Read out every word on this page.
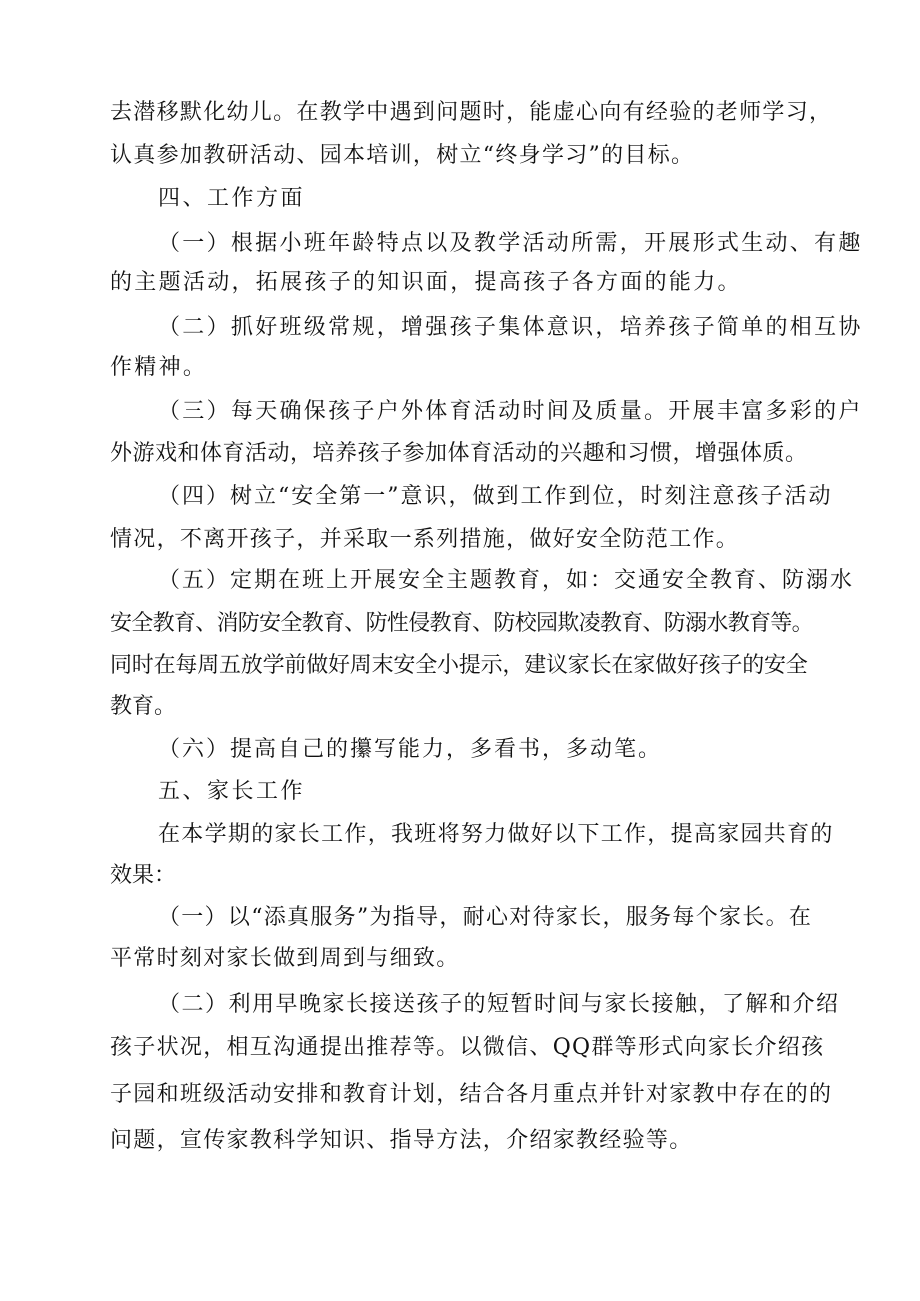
去潜移默化幼儿。在教学中遇到问题时，能虚心向有经验的老师学习，

认真参加教研活动、园本培训，树立“终身学习”的目标。

四、工作方面

（一）根据小班年龄特点以及教学活动所需，开展形式生动、有趣

的主题活动，拓展孩子的知识面，提高孩子各方面的能力。

（二）抓好班级常规，增强孩子集体意识，培养孩子简单的相互协

作精神。

（三）每天确保孩子户外体育活动时间及质量。开展丰富多彩的户

外游戏和体育活动，培养孩子参加体育活动的兴趣和习惯，增强体质。

（四）树立“安全第一”意识，做到工作到位，时刻注意孩子活动

情况，不离开孩子，并采取一系列措施，做好安全防范工作。

（五）定期在班上开展安全主题教育，如：交通安全教育、防溺水

安全教育、消防安全教育、防性侵教育、防校园欺凌教育、防溺水教育等。

同时在每周五放学前做好周末安全小提示，建议家长在家做好孩子的安全

教育。

（六）提高自己的攥写能力，多看书，多动笔。

五、家长工作

在本学期的家长工作，我班将努力做好以下工作，提高家园共育的

效果：

（一）以“添真服务”为指导，耐心对待家长，服务每个家长。在

平常时刻对家长做到周到与细致。

（二）利用早晚家长接送孩子的短暂时间与家长接触，了解和介绍

孩子状况，相互沟通提出推荐等。以微信、QQ群等形式向家长介绍孩

子园和班级活动安排和教育计划，结合各月重点并针对家教中存在的的

问题，宣传家教科学知识、指导方法，介绍家教经验等。
